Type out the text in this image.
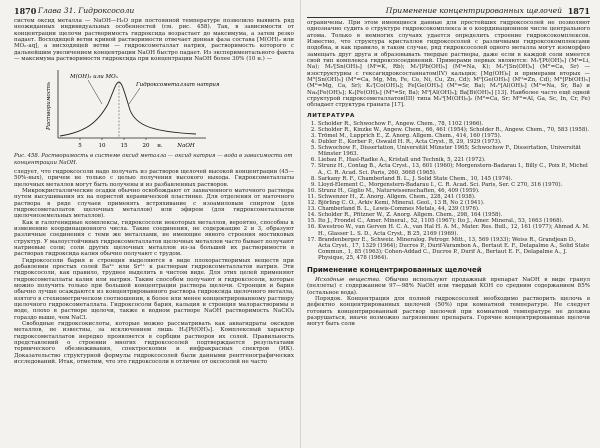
1870 Глава 31. Гидроксосоли

систем оксид металла — NaOH—H₂O при постоянной температуре позволило выявить ряд неожиданных индивидуальных особенностей (см. рис. 458). Так, в зависимости от концентрации щелочи растворимость гидроксида возрастает до максимума, а затем резко падает. Восходящей ветви кривой растворимости отвечает донная фаза состава [M(OH)₂ или MOₙ·aq], а нисходящей ветви — гидроксометаллат натрия, растворимость которого с дальнейшим увеличением концентрации NaOH быстро падает. Из экспериментального факта — максимума растворимости гидроксида при концентрации NaOH более 30% (10 н.) —

5	10	15	20 н.	NaOH
Растворимость
M(OH)₂ или MOₙ
Гидроксометаллат натрия

Рис. 458. Растворимость в системе оксид металла — оксид натрия — вода в зависимости от концентрации NaOH.

следует, что гидроксосоли надо получать из растворов щелочей высокой концентрации (45—50%-ных), причем не только с целью получения высокого выхода. Гидроксометаллаты щелочных металлов могут быть получены и из разбавленных растворов.

Микрокристаллические осадки обычно освобождают от захваченного маточного раствора путем высушивания их на пористой керамической пластинке. Для отделения от маточного раствора в ряде случаев применять встряхивание с изоамиловым спиртом (для гидроксометаллатов щелочных металлов) или эфиром (для гидроксометаллатов щелочноземельных металлов).

Как и галогенидные комплексы, гидроксосоли некоторых металлов, вероятно, способны к изменению координационного числа. Такие соединения, не содержащие 2 и 3, образуют различные соединения с теми же металлами, не имеющие явного строения мостиковых структур. У малоустойчивых гидроксометаллатов щелочных металлов часто бывает получают натриевые соли; соли других щелочных металлов из-за большей их растворимости в растворах гидроксида калия обычно получают с трудом.

Гидроксосоли бария и стронция выделяются в виде плохорастворимых веществ при добавлении простых солей Ba²⁺ или Sr²⁺ к растворам гидроксометаллатов натрия. Эти гидроксосоли, как правило, труднее выделить в чистом виде. Для этих целей применяют гидроксометаллаты калия или натрия. Таким способом получают и гидроксосоли, которые можно получить только при большой концентрации раствора щелочи. Стронция и бария обычно лучше осаждаются из концентрированного раствора гидроксида щелочного металла, взятого в стехиометрическом соотношении, к более или менее концентрированному раствору щелочного гидроксометаллата. Гидроксосоли бария, кальция и стронция малорастворимы в воде, плохо в растворе щелочи, также в водном растворе NaOH растворимость NaClO₄ гораздо выше, чем NaCl.

Свободные гидроксокислоты, которые можно рассматривать как аквагидраты оксидов металлов, не известны, за исключением лишь H₂[Pt(OH)₆]. Комплексный характер гидроксометаллатов нередко проявляется в сорбции растворов их солей. Правильность представлений о строении многих гидроксосолей подтверждается результатами термического обезвоживания, спектроскопии и инфракрасных спектров (ИК). Доказательство структурной формулы гидроксосолей были данными рентгенографических исследований. Итак, отметим, что это гидроксосоли в отличие от оксосолей не часто

Применение концентрированных щелочей 1871

ограничены. При этом имеющиеся данные для простейших гидроксосолей не позволяют однозначно судить о структуре гидроксокомплекса и о координационном числе центрального атома. Только в немногих случаях удается определить строение гидроксокомплексов. Известно, что структура кристаллов гидроксосолей с различными гидроксокомплексами подобна, и как правило, в таком случае, ряд гидроксосолей одного металла могут изоморфно замещать друг друга и образовывать твердые растворы, даже если в каждой соли имеется свой тип комплекса гидроксосоединений. Примерами первых являются: M₂ᴵ[Pt(OH)₆] (Mᴵ=Li, Na); M₂ᴵ[Sn(OH)₆] (Mᴵ=K, Rb); M₂ᴵ[Pb(OH)₆] (Mᴵ=Na, K); M₂ᴵᴵ[Sn(OH)₆] (Mᴵᴵ=Ca, Sr) — изоструктурны с гексагидроксостаннатом(IV) кальция; [Mg(OH)₆] и примерами вторых — Mᴵᴵ[Sn(OH)₆] (Mᴵᴵ=Ca, Mg, Mn, Fe, Co, Ni, Cu, Zn, Cd); Mᴵᴵ[Ge(OH)₆] (Mᴵᴵ=Zn, Cd); Mᴵᴵ[Pb(OH)₆] (Mᴵᴵ=Mg, Ca, Sr); K₂ᴵ[Co(OH)₄]; Fe[Ge(OH)₆] (Mᴵᴵ=Sr, Ba); M₂ᴵᴵ[Al(OH)₆] (Mᴵᴵ=Na, Sr, Ba) и Na₃[Fe(OH)₆]; K₂[Fe(OH)₆] (Mᴵᴵ=Sr, Ba); Mᴵᴵ[Al(OH)₆]; Ba[Bi(OH)₆] [13]. Наиболее часто ещё одной структурой гидроксометаллатов(III) типа M₃ᴵᴵ[M(OH)₆]₂ (Mᴵᴵ=Ca, Sr; Mᴵᴵᴵ=Al, Ga, Sc, In, Cr, Fe) обладает структура граната [17].

ЛИТЕРАТУРА
1. Scholder R., Schwochow F., Angew. Chem., 78, 1102 (1966).
2. Scholder R., Kinzke W., Angew. Chem., 66, 461 (1954); Scholder R., Angew. Chem., 70, 583 (1958).
3. Trömel M., Lupprich E., Z. Anorg. Allgem. Chem., 414, 160 (1975).
4. Dubler E., Korber P., Oswald H. R., Acta Cryst., B, 29, 1929 (1973).
5. Schwochow F., Dissertation, Universität Münster 1965; Schwochow F., Dissertation, Universität Münster 1963.
6. Liebau F., Hasl-Radke A., Kristall und Technik, 5, 221 (1972).
7. Strunz H., Contag B., Acta Cryst., 13, 601 (1960); Morgenstern-Badarau I., Billy C., Poix P., Michel A., C. R. Acad. Sci. Paris, 260, 3668 (1965).
8. Sarkany R. F., Chamberland B. L., J. Solid State Chem., 10, 145 (1974).
9. Lloyd-Element C., Morgenstern-Badarau I., C. R. Acad. Sci. Paris, Ser. C 270, 316 (1970).
10. Strunz H., Giglio M., Naturwissenschaften, 46, 409 (1959).
11. Schwenzer H., Z. Anorg. Allgem. Chem., 228, 241 (1938).
12. Björling C. O., Arkiv Kemi, Mineral. Geol., 13 B, No 2 (1941).
13. Chamberland B. L., Lewis-Commes Metals, 44, 239 (1976).
14. Scholder R., Pfitzner W., Z. Anorg. Allgem. Chem., 298, 164 (1958).
15. Ito J., Frondel C., Amer. Mineral., 52, 1105 (1967); Ito J., Amer. Mineral., 53, 1663 (1968).
16. Kwestroo W., van Gerven H. C. A., van Hal H. A. M., Mater. Res. Bull., 12, 161 (1977); Ahmad A. M. H., Glasser L. S. D., Acta Cryst., B 25, 2169 (1969).
17. Brandenberger E., Schweiz. Mineralog. Petrogr. Mitt., 13, 569 (1933); Weiss R., Grandjean D., Acta Cryst., 17, 1329 (1964); Ducros P., Durif-Varambon A., Bertaut E. F., Delapalme A., Solid State Commun., 1, 85 (1963); Cohen-Addad C., Ducros P., Durif A., Bertaut E. F., Delapalme A., J. Physique, 25, 478 (1964).
Применение концентрированных щелочей

Исходные вещества. Обычно используют продажный препарат NaOH в виде гранул (пеллеты) с содержанием 97—98% NaOH или твердый KOH со средним содержанием 85% (остальное вода).

Порядок. Концентрация для полной гидроксосолей необходимо растворить щелочь в дефектно концентрированных щелочей (50%) при комнатной температуре. Не следует готовить концентрированный раствор щелочей при комнатной температуре не должна разрушаться, иначе возможно загрязнение препарата. Горячие концентрированные щелочи могут быть соли
